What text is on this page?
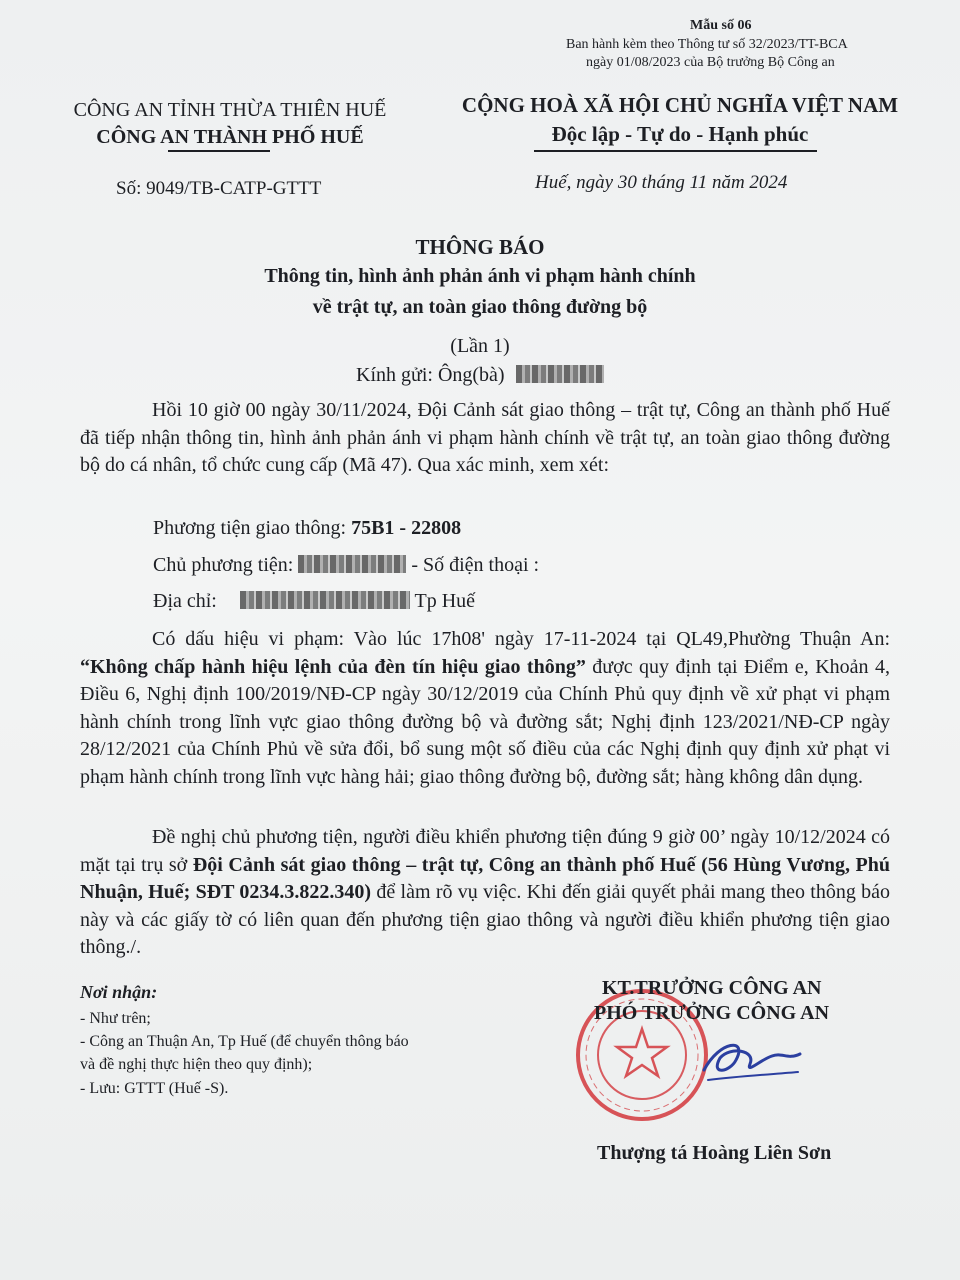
Mẫu số 06
Ban hành kèm theo Thông tư số 32/2023/TT-BCA
ngày 01/08/2023 của Bộ trưởng Bộ Công an
CÔNG AN TỈNH THỪA THIÊN HUẾ
CÔNG AN THÀNH PHỐ HUẾ
Số: 9049/TB-CATP-GTTT
CỘNG HOÀ XÃ HỘI CHỦ NGHĨA VIỆT NAM
Độc lập - Tự do - Hạnh phúc
Huế, ngày 30 tháng 11 năm 2024
THÔNG BÁO
Thông tin, hình ảnh phản ánh vi phạm hành chính
về trật tự, an toàn giao thông đường bộ
(Lần 1)
Kính gửi: Ông(bà)
Hồi 10 giờ 00 ngày 30/11/2024, Đội Cảnh sát giao thông – trật tự, Công an thành phố Huế đã tiếp nhận thông tin, hình ảnh phản ánh vi phạm hành chính về trật tự, an toàn giao thông đường bộ do cá nhân, tổ chức cung cấp (Mã 47). Qua xác minh, xem xét:
Phương tiện giao thông: 75B1 - 22808
Chủ phương tiện:	- Số điện thoại :
Địa chỉ:	Tp Huế
Có dấu hiệu vi phạm: Vào lúc 17h08' ngày 17-11-2024 tại QL49,Phường Thuận An: “Không chấp hành hiệu lệnh của đèn tín hiệu giao thông” được quy định tại Điểm e, Khoản 4, Điều 6, Nghị định 100/2019/NĐ-CP ngày 30/12/2019 của Chính Phủ quy định về xử phạt vi phạm hành chính trong lĩnh vực giao thông đường bộ và đường sắt; Nghị định 123/2021/NĐ-CP ngày 28/12/2021 của Chính Phủ về sửa đổi, bổ sung một số điều của các Nghị định quy định xử phạt vi phạm hành chính trong lĩnh vực hàng hải; giao thông đường bộ, đường sắt; hàng không dân dụng.
Đề nghị chủ phương tiện, người điều khiển phương tiện đúng 9 giờ 00’ ngày 10/12/2024 có mặt tại trụ sở Đội Cảnh sát giao thông – trật tự, Công an thành phố Huế (56 Hùng Vương, Phú Nhuận, Huế; SĐT 0234.3.822.340) để làm rõ vụ việc. Khi đến giải quyết phải mang theo thông báo này và các giấy tờ có liên quan đến phương tiện giao thông và người điều khiển phương tiện giao thông./.
Nơi nhận:
- Như trên;
- Công an Thuận An, Tp Huế (để chuyển thông báo
và đề nghị thực hiện theo quy định);
- Lưu: GTTT (Huế -S).
KT.TRƯỞNG CÔNG AN
PHÓ TRƯỞNG CÔNG AN
Thượng tá Hoàng Liên Sơn
